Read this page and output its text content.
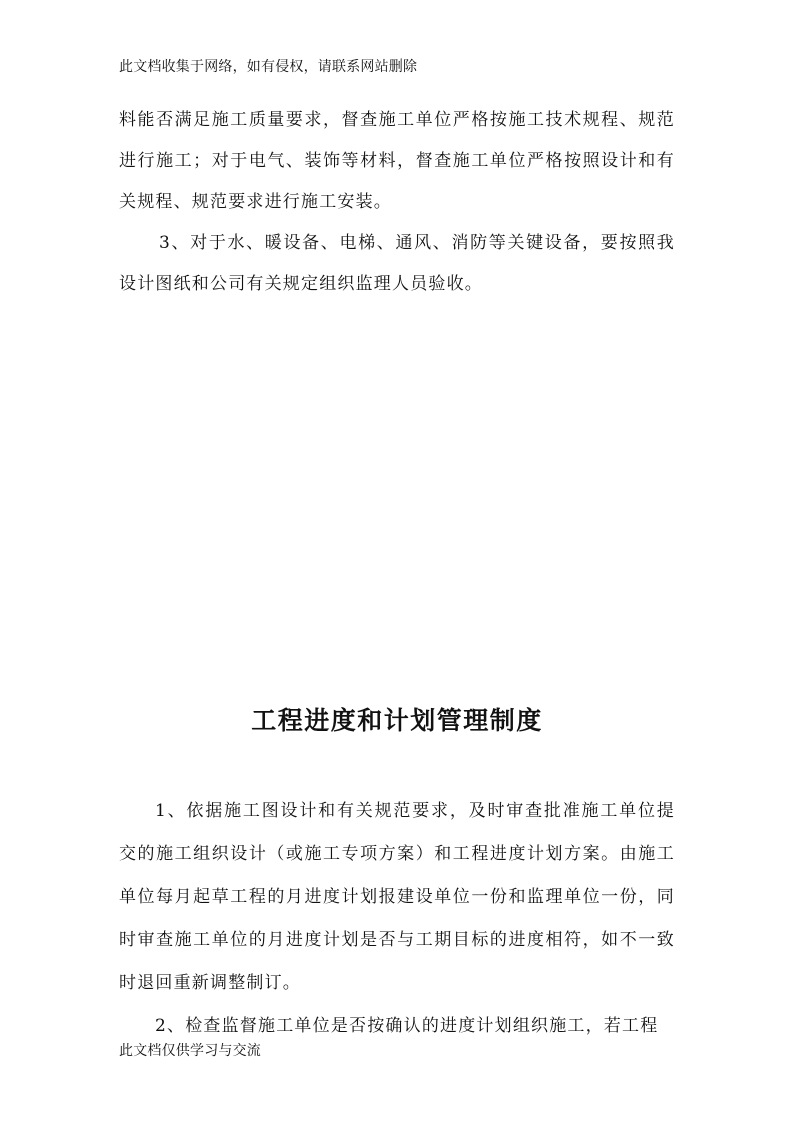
此文档收集于网络，如有侵权，请联系网站删除

料能否满足施工质量要求，督查施工单位严格按施工技术规程、规范进行施工；对于电气、装饰等材料，督查施工单位严格按照设计和有关规程、规范要求进行施工安装。

3、对于水、暖设备、电梯、通风、消防等关键设备，要按照我设计图纸和公司有关规定组织监理人员验收。

工程进度和计划管理制度

1、依据施工图设计和有关规范要求，及时审查批准施工单位提交的施工组织设计（或施工专项方案）和工程进度计划方案。由施工单位每月起草工程的月进度计划报建设单位一份和监理单位一份，同时审查施工单位的月进度计划是否与工期目标的进度相符，如不一致时退回重新调整制订。

2、检查监督施工单位是否按确认的进度计划组织施工，若工程

此文档仅供学习与交流
